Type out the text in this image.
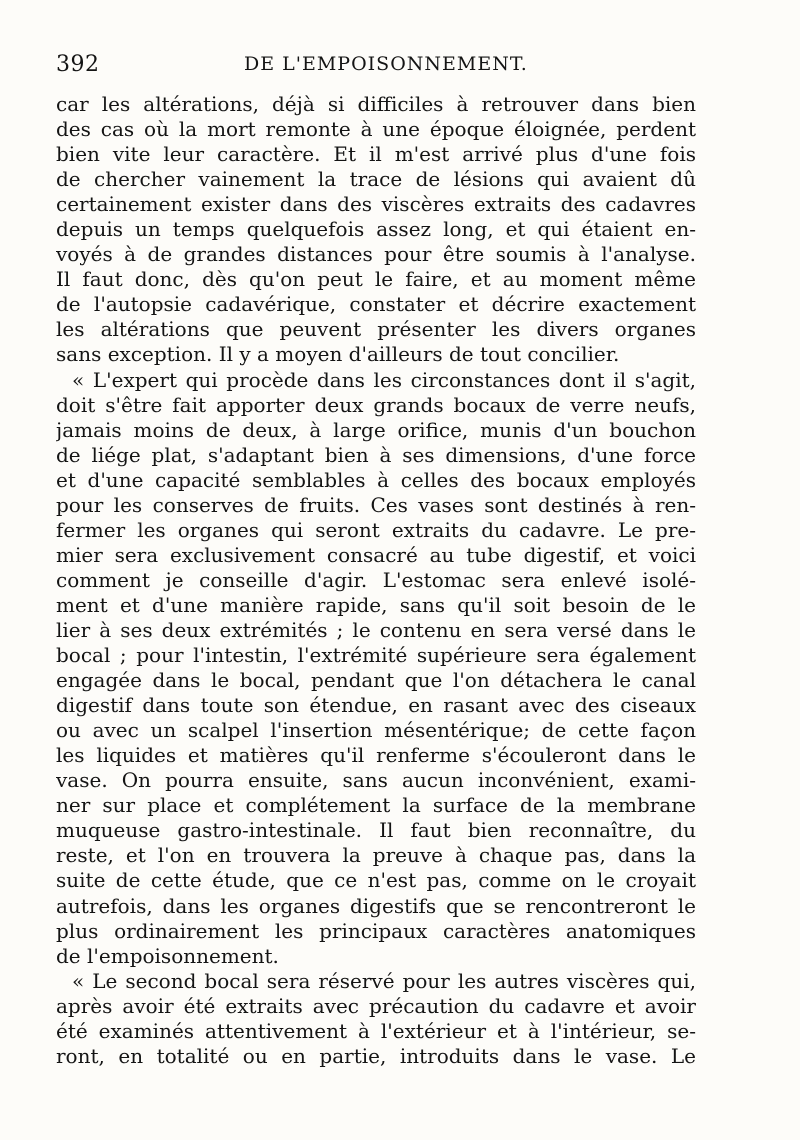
392	DE L'EMPOISONNEMENT.
car les altérations, déjà si difficiles à retrouver dans bien
des cas où la mort remonte à une époque éloignée, perdent
bien vite leur caractère. Et il m'est arrivé plus d'une fois
de chercher vainement la trace de lésions qui avaient dû
certainement exister dans des viscères extraits des cadavres
depuis un temps quelquefois assez long, et qui étaient en-
voyés à de grandes distances pour être soumis à l'analyse.
Il faut donc, dès qu'on peut le faire, et au moment même
de l'autopsie cadavérique, constater et décrire exactement
les altérations que peuvent présenter les divers organes
sans exception. Il y a moyen d'ailleurs de tout concilier.
« L'expert qui procède dans les circonstances dont il s'agit,
doit s'être fait apporter deux grands bocaux de verre neufs,
jamais moins de deux, à large orifice, munis d'un bouchon
de liége plat, s'adaptant bien à ses dimensions, d'une force
et d'une capacité semblables à celles des bocaux employés
pour les conserves de fruits. Ces vases sont destinés à ren-
fermer les organes qui seront extraits du cadavre. Le pre-
mier sera exclusivement consacré au tube digestif, et voici
comment je conseille d'agir. L'estomac sera enlevé isolé-
ment et d'une manière rapide, sans qu'il soit besoin de le
lier à ses deux extrémités ; le contenu en sera versé dans le
bocal ; pour l'intestin, l'extrémité supérieure sera également
engagée dans le bocal, pendant que l'on détachera le canal
digestif dans toute son étendue, en rasant avec des ciseaux
ou avec un scalpel l'insertion mésentérique; de cette façon
les liquides et matières qu'il renferme s'écouleront dans le
vase. On pourra ensuite, sans aucun inconvénient, exami-
ner sur place et complétement la surface de la membrane
muqueuse gastro-intestinale. Il faut bien reconnaître, du
reste, et l'on en trouvera la preuve à chaque pas, dans la
suite de cette étude, que ce n'est pas, comme on le croyait
autrefois, dans les organes digestifs que se rencontreront le
plus ordinairement les principaux caractères anatomiques
de l'empoisonnement.
« Le second bocal sera réservé pour les autres viscères qui,
après avoir été extraits avec précaution du cadavre et avoir
été examinés attentivement à l'extérieur et à l'intérieur, se-
ront, en totalité ou en partie, introduits dans le vase. Le
